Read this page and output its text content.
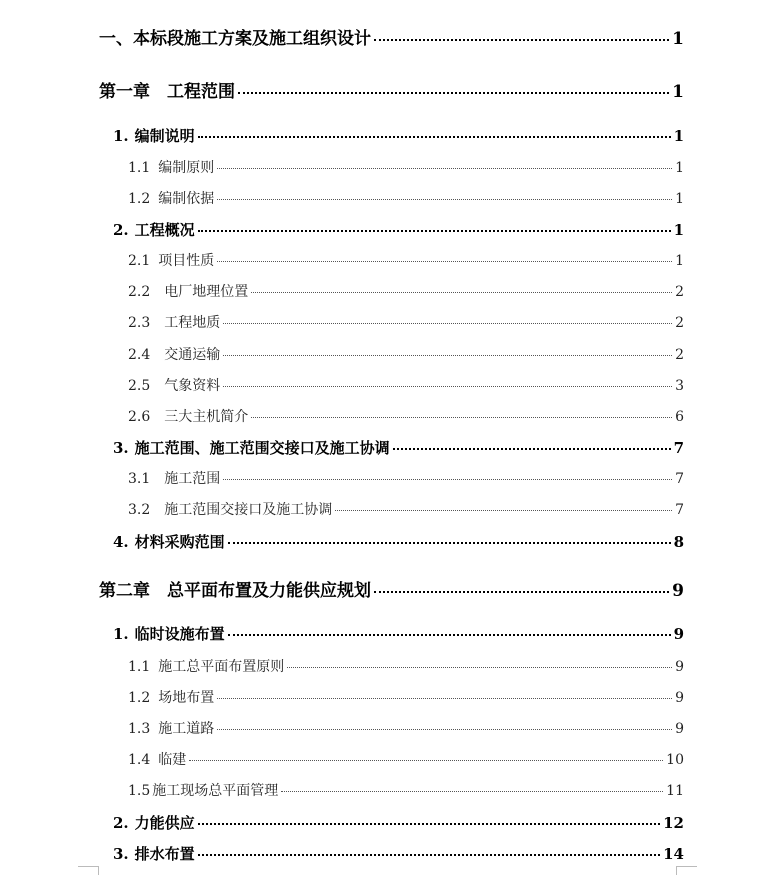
一、 本标段施工方案及施工组织设计	1
第一章　 工程范围	1
1. 编制说明	1
1.1 编制原则	1
1.2 编制依据	1
2. 工程概况	1
2.1 项目性质	1
2.2 电厂地理位置	2
2.3 工程地质	2
2.4 交通运输	2
2.5 气象资料	3
2.6 三大主机简介	6
3. 施工范围、施工范围交接口及施工协调	7
3.1 施工范围	7
3.2 施工范围交接口及施工协调	7
4. 材料采购范围	8
第二章　 总平面布置及力能供应规划	9
1. 临时设施布置	9
1.1 施工总平面布置原则	9
1.2 场地布置	9
1.3 施工道路	9
1.4 临建	10
1.5 施工现场总平面管理	11
2. 力能供应	12
3. 排水布置	14
